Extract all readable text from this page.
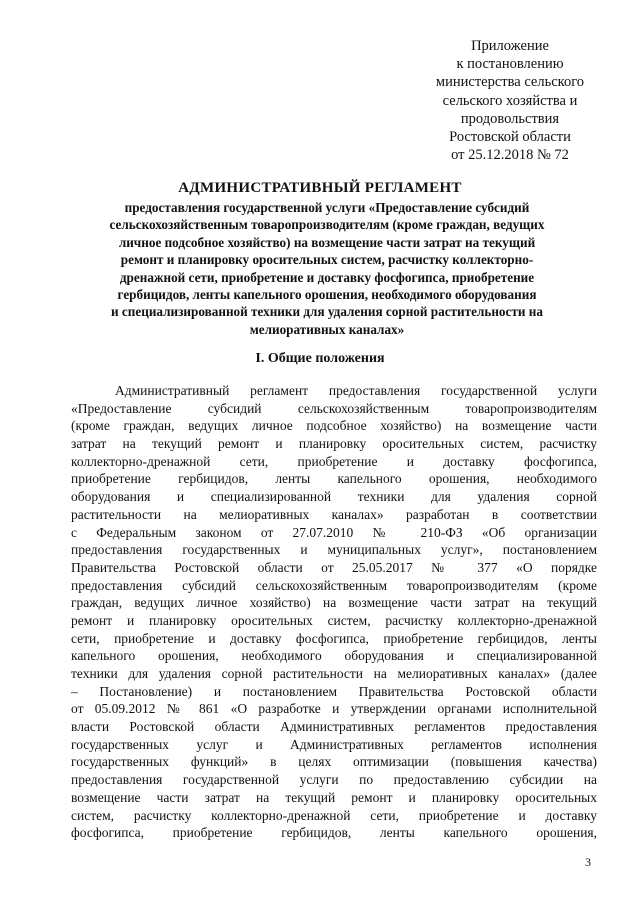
Приложение
к постановлению
министерства сельского
сельского хозяйства и
продовольствия
Ростовской области
от 25.12.2018 № 72
АДМИНИСТРАТИВНЫЙ РЕГЛАМЕНТ
предоставления государственной услуги «Предоставление субсидий
сельскохозяйственным товаропроизводителям (кроме граждан, ведущих
личное подсобное хозяйство) на возмещение части затрат на текущий
ремонт и планировку оросительных систем, расчистку коллекторно-
дренажной сети, приобретение и доставку фосфогипса, приобретение
гербицидов, ленты капельного орошения, необходимого оборудования
и специализированной техники для удаления сорной растительности на
мелиоративных каналах»
I. Общие положения
Административный регламент предоставления государственной услуги
«Предоставление субсидий сельскохозяйственным товаропроизводителям
(кроме граждан, ведущих личное подсобное хозяйство) на возмещение части
затрат на текущий ремонт и планировку оросительных систем, расчистку
коллекторно-дренажной сети, приобретение и доставку фосфогипса,
приобретение гербицидов, ленты капельного орошения, необходимого
оборудования и специализированной техники для удаления сорной
растительности на мелиоративных каналах» разработан в соответствии
с Федеральным законом от 27.07.2010 № 210-ФЗ «Об организации
предоставления государственных и муниципальных услуг», постановлением
Правительства Ростовской области от 25.05.2017 № 377 «О порядке
предоставления субсидий сельскохозяйственным товаропроизводителям (кроме
граждан, ведущих личное хозяйство) на возмещение части затрат на текущий
ремонт и планировку оросительных систем, расчистку коллекторно-дренажной
сети, приобретение и доставку фосфогипса, приобретение гербицидов, ленты
капельного орошения, необходимого оборудования и специализированной
техники для удаления сорной растительности на мелиоративных каналах» (далее
– Постановление) и постановлением Правительства Ростовской области
от 05.09.2012 № 861 «О разработке и утверждении органами исполнительной
власти Ростовской области Административных регламентов предоставления
государственных услуг и Административных регламентов исполнения
государственных функций» в целях оптимизации (повышения качества)
предоставления государственной услуги по предоставлению субсидии на
возмещение части затрат на текущий ремонт и планировку оросительных
систем, расчистку коллекторно-дренажной сети, приобретение и доставку
фосфогипса, приобретение гербицидов, ленты капельного орошения,
3
